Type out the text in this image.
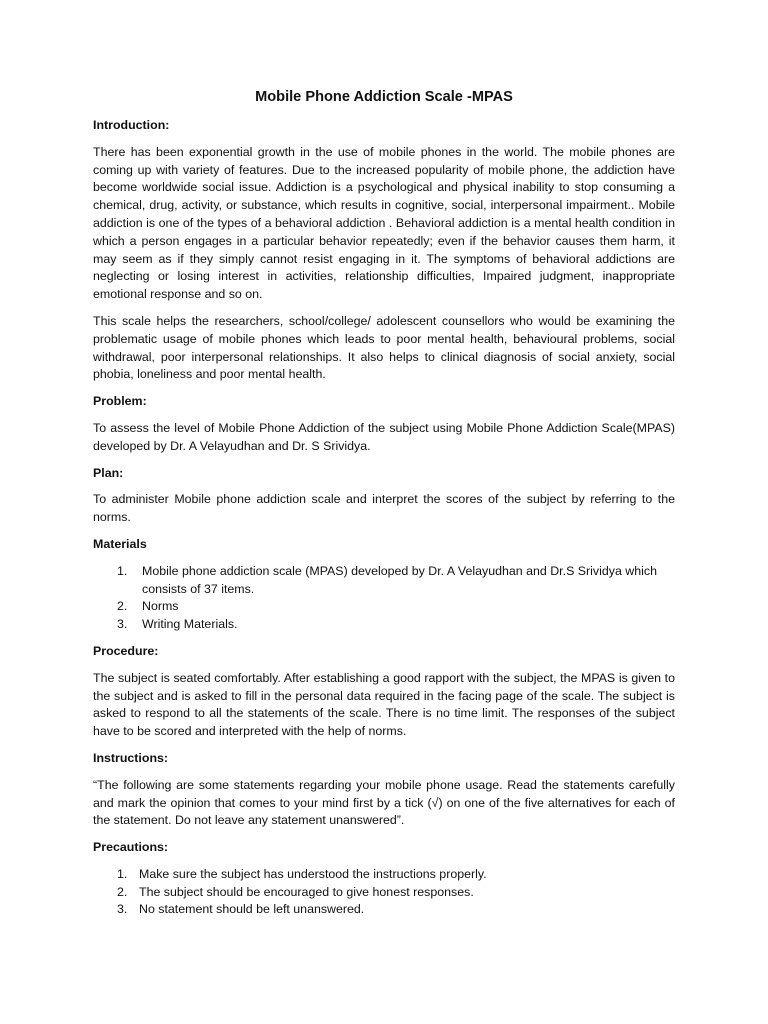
Mobile Phone Addiction Scale -MPAS
Introduction:

There has been exponential growth in the use of mobile phones in the world. The mobile phones are coming up with variety of features. Due to the increased popularity of mobile phone, the addiction have become worldwide social issue. Addiction is a psychological and physical inability to stop consuming a chemical, drug, activity, or substance, which results in cognitive, social, interpersonal impairment.. Mobile addiction is one of the types of a behavioral addiction . Behavioral addiction is a mental health condition in which a person engages in a particular behavior repeatedly; even if the behavior causes them harm, it may seem as if they simply cannot resist engaging in it. The symptoms of behavioral addictions are neglecting or losing interest in activities, relationship difficulties, Impaired judgment, inappropriate emotional response and so on.

This scale helps the researchers, school/college/ adolescent counsellors who would be examining the problematic usage of mobile phones which leads to poor mental health, behavioural problems, social withdrawal, poor interpersonal relationships. It also helps to clinical diagnosis of social anxiety, social phobia, loneliness and poor mental health.

Problem:

To assess the level of Mobile Phone Addiction of the subject using Mobile Phone Addiction Scale(MPAS) developed by Dr. A Velayudhan and Dr. S Srividya.

Plan:

To administer Mobile phone addiction scale and interpret the scores of the subject by referring to the norms.

Materials
1. Mobile phone addiction scale (MPAS) developed by Dr. A Velayudhan and Dr.S Srividya which consists of 37 items.
2. Norms
3. Writing Materials.
Procedure:

The subject is seated comfortably. After establishing a good rapport with the subject, the MPAS is given to the subject and is asked to fill in the personal data required in the facing page of the scale. The subject is asked to respond to all the statements of the scale. There is no time limit. The responses of the subject have to be scored and interpreted with the help of norms.

Instructions:

“The following are some statements regarding your mobile phone usage. Read the statements carefully and mark the opinion that comes to your mind first by a tick (√) on one of the five alternatives for each of the statement. Do not leave any statement unanswered”.

Precautions:
1. Make sure the subject has understood the instructions properly.
2. The subject should be encouraged to give honest responses.
3. No statement should be left unanswered.
